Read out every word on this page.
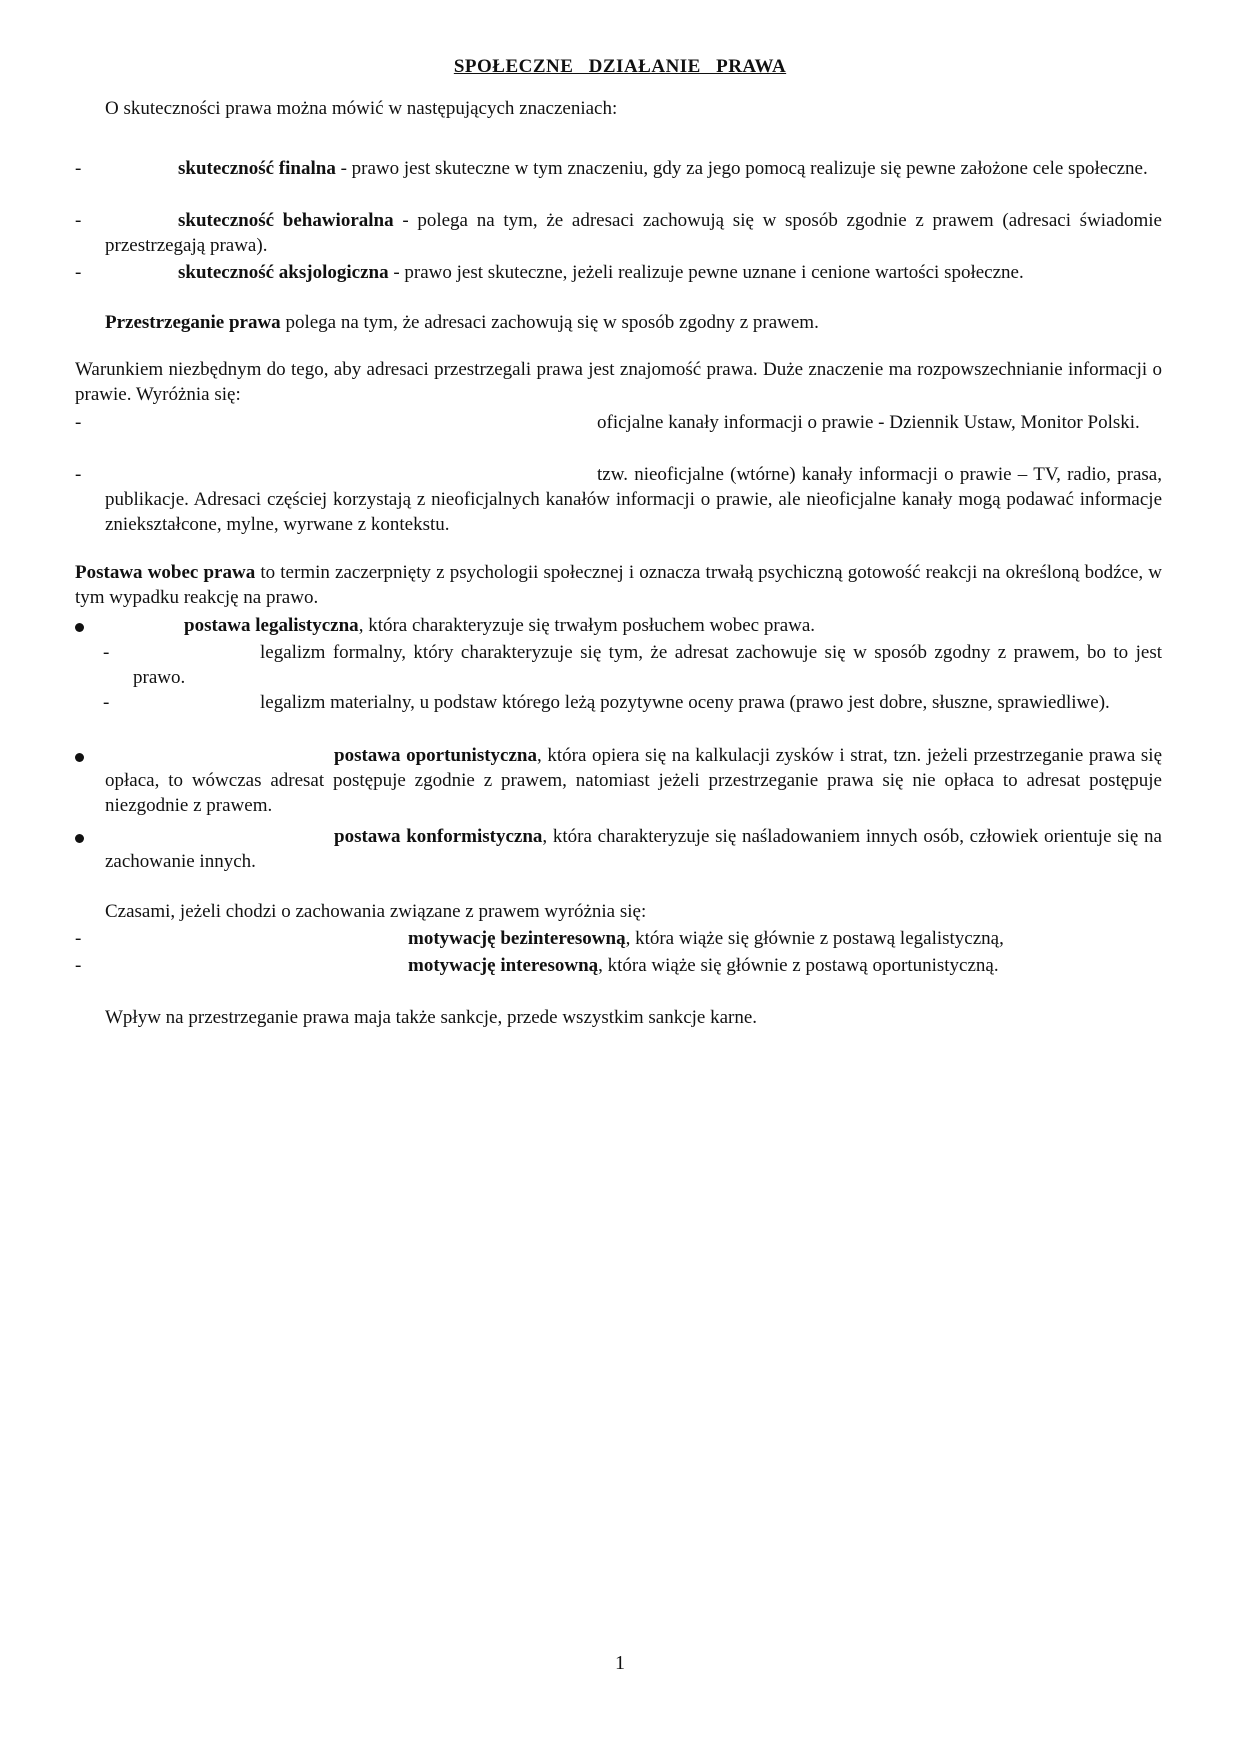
SPOŁECZNE DZIAŁANIE PRAWA
O skuteczności prawa można mówić w następujących znaczeniach:
-	skuteczność finalna - prawo jest skuteczne w tym znaczeniu, gdy za jego pomocą realizuje się pewne założone cele społeczne.
-	skuteczność behawioralna - polega na tym, że adresaci zachowują się w sposób zgodnie z prawem (adresaci świadomie przestrzegają prawa).
-	skuteczność aksjologiczna - prawo jest skuteczne, jeżeli realizuje pewne uznane i cenione wartości społeczne.
Przestrzeganie prawa polega na tym, że adresaci zachowują się w sposób zgodny z prawem.
Warunkiem niezbędnym do tego, aby adresaci przestrzegali prawa jest znajomość prawa. Duże znaczenie ma rozpowszechnianie informacji o prawie. Wyróżnia się:
-	oficjalne kanały informacji o prawie - Dziennik Ustaw, Monitor Polski.
-	tzw. nieoficjalne (wtórne) kanały informacji o prawie – TV, radio, prasa, publikacje. Adresaci częściej korzystają z nieoficjalnych kanałów informacji o prawie, ale nieoficjalne kanały mogą podawać informacje zniekształcone, mylne, wyrwane z kontekstu.
Postawa wobec prawa to termin zaczerpnięty z psychologii społecznej i oznacza trwałą psychiczną gotowość reakcji na określoną bodźce, w tym wypadku reakcję na prawo.
postawa legalistyczna, która charakteryzuje się trwałym posłuchem wobec prawa.
-	legalizm formalny, który charakteryzuje się tym, że adresat zachowuje się w sposób zgodny z prawem, bo to jest prawo.
-	legalizm materialny, u podstaw którego leżą pozytywne oceny prawa (prawo jest dobre, słuszne, sprawiedliwe).
postawa oportunistyczna, która opiera się na kalkulacji zysków i strat, tzn. jeżeli przestrzeganie prawa się opłaca, to wówczas adresat postępuje zgodnie z prawem, natomiast jeżeli przestrzeganie prawa się nie opłaca to adresat postępuje niezgodnie z prawem.
postawa konformistyczna, która charakteryzuje się naśladowaniem innych osób, człowiek orientuje się na zachowanie innych.
Czasami, jeżeli chodzi o zachowania związane z prawem wyróżnia się:
-	motywację bezinteresowną, która wiąże się głównie z postawą legalistyczną,
-	motywację interesowną, która wiąże się głównie z postawą oportunistyczną.
Wpływ na przestrzeganie prawa maja także sankcje, przede wszystkim sankcje karne.
1
